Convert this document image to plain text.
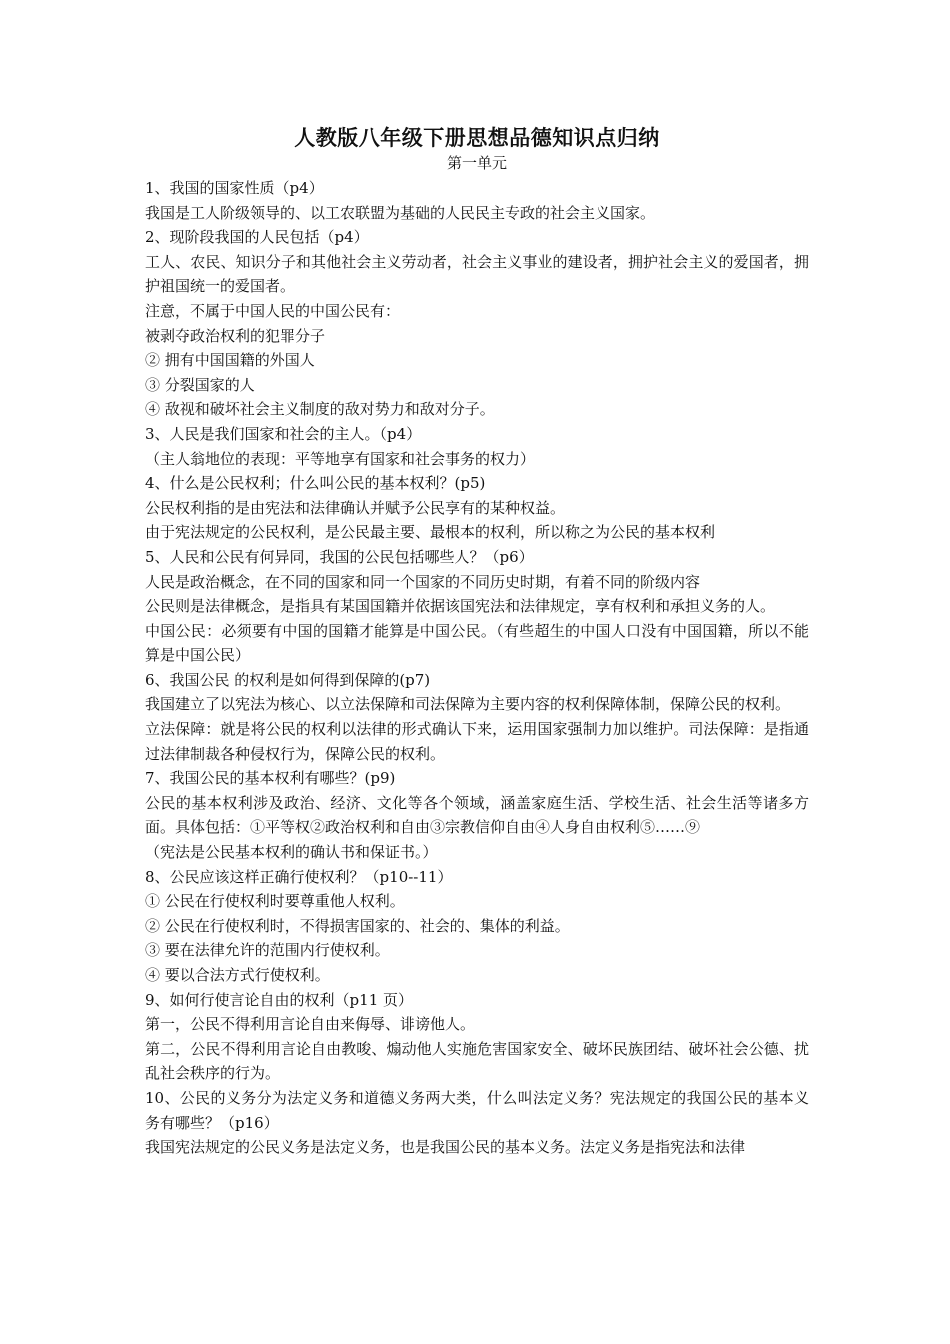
人教版八年级下册思想品德知识点归纳
第一单元

1、我国的国家性质（p4）

我国是工人阶级领导的、以工农联盟为基础的人民民主专政的社会主义国家。

2、现阶段我国的人民包括（p4）

工人、农民、知识分子和其他社会主义劳动者，社会主义事业的建设者，拥护社会主义的爱国者，拥护祖国统一的爱国者。

注意，不属于中国人民的中国公民有：

被剥夺政治权利的犯罪分子

② 拥有中国国籍的外国人

③ 分裂国家的人

④ 敌视和破坏社会主义制度的敌对势力和敌对分子。

3、人民是我们国家和社会的主人。（p4）

（主人翁地位的表现：平等地享有国家和社会事务的权力）

4、什么是公民权利；什么叫公民的基本权利？(p5)

公民权利指的是由宪法和法律确认并赋予公民享有的某种权益。

由于宪法规定的公民权利，是公民最主要、最根本的权利，所以称之为公民的基本权利

5、人民和公民有何异同，我国的公民包括哪些人？（p6）

人民是政治概念，在不同的国家和同一个国家的不同历史时期，有着不同的阶级内容

公民则是法律概念，是指具有某国国籍并依据该国宪法和法律规定，享有权利和承担义务的人。

中国公民：必须要有中国的国籍才能算是中国公民。（有些超生的中国人口没有中国国籍，所以不能算是中国公民）

6、我国公民 的权利是如何得到保障的(p7)

我国建立了以宪法为核心、以立法保障和司法保障为主要内容的权利保障体制，保障公民的权利。

立法保障：就是将公民的权利以法律的形式确认下来，运用国家强制力加以维护。司法保障：是指通过法律制裁各种侵权行为，保障公民的权利。

7、我国公民的基本权利有哪些？(p9)

公民的基本权利涉及政治、经济、文化等各个领域，涵盖家庭生活、学校生活、社会生活等诸多方面。具体包括：①平等权②政治权利和自由③宗教信仰自由④人身自由权利⑤……⑨

（宪法是公民基本权利的确认书和保证书。）

8、公民应该这样正确行使权利？（p10--11）

① 公民在行使权利时要尊重他人权利。

② 公民在行使权利时，不得损害国家的、社会的、集体的利益。

③ 要在法律允许的范围内行使权利。

④ 要以合法方式行使权利。

9、如何行使言论自由的权利（p11 页）

第一，公民不得利用言论自由来侮辱、诽谤他人。

第二，公民不得利用言论自由教唆、煽动他人实施危害国家安全、破坏民族团结、破坏社会公德、扰乱社会秩序的行为。

10、公民的义务分为法定义务和道德义务两大类，什么叫法定义务？宪法规定的我国公民的基本义务有哪些？（p16）

我国宪法规定的公民义务是法定义务，也是我国公民的基本义务。法定义务是指宪法和法律
